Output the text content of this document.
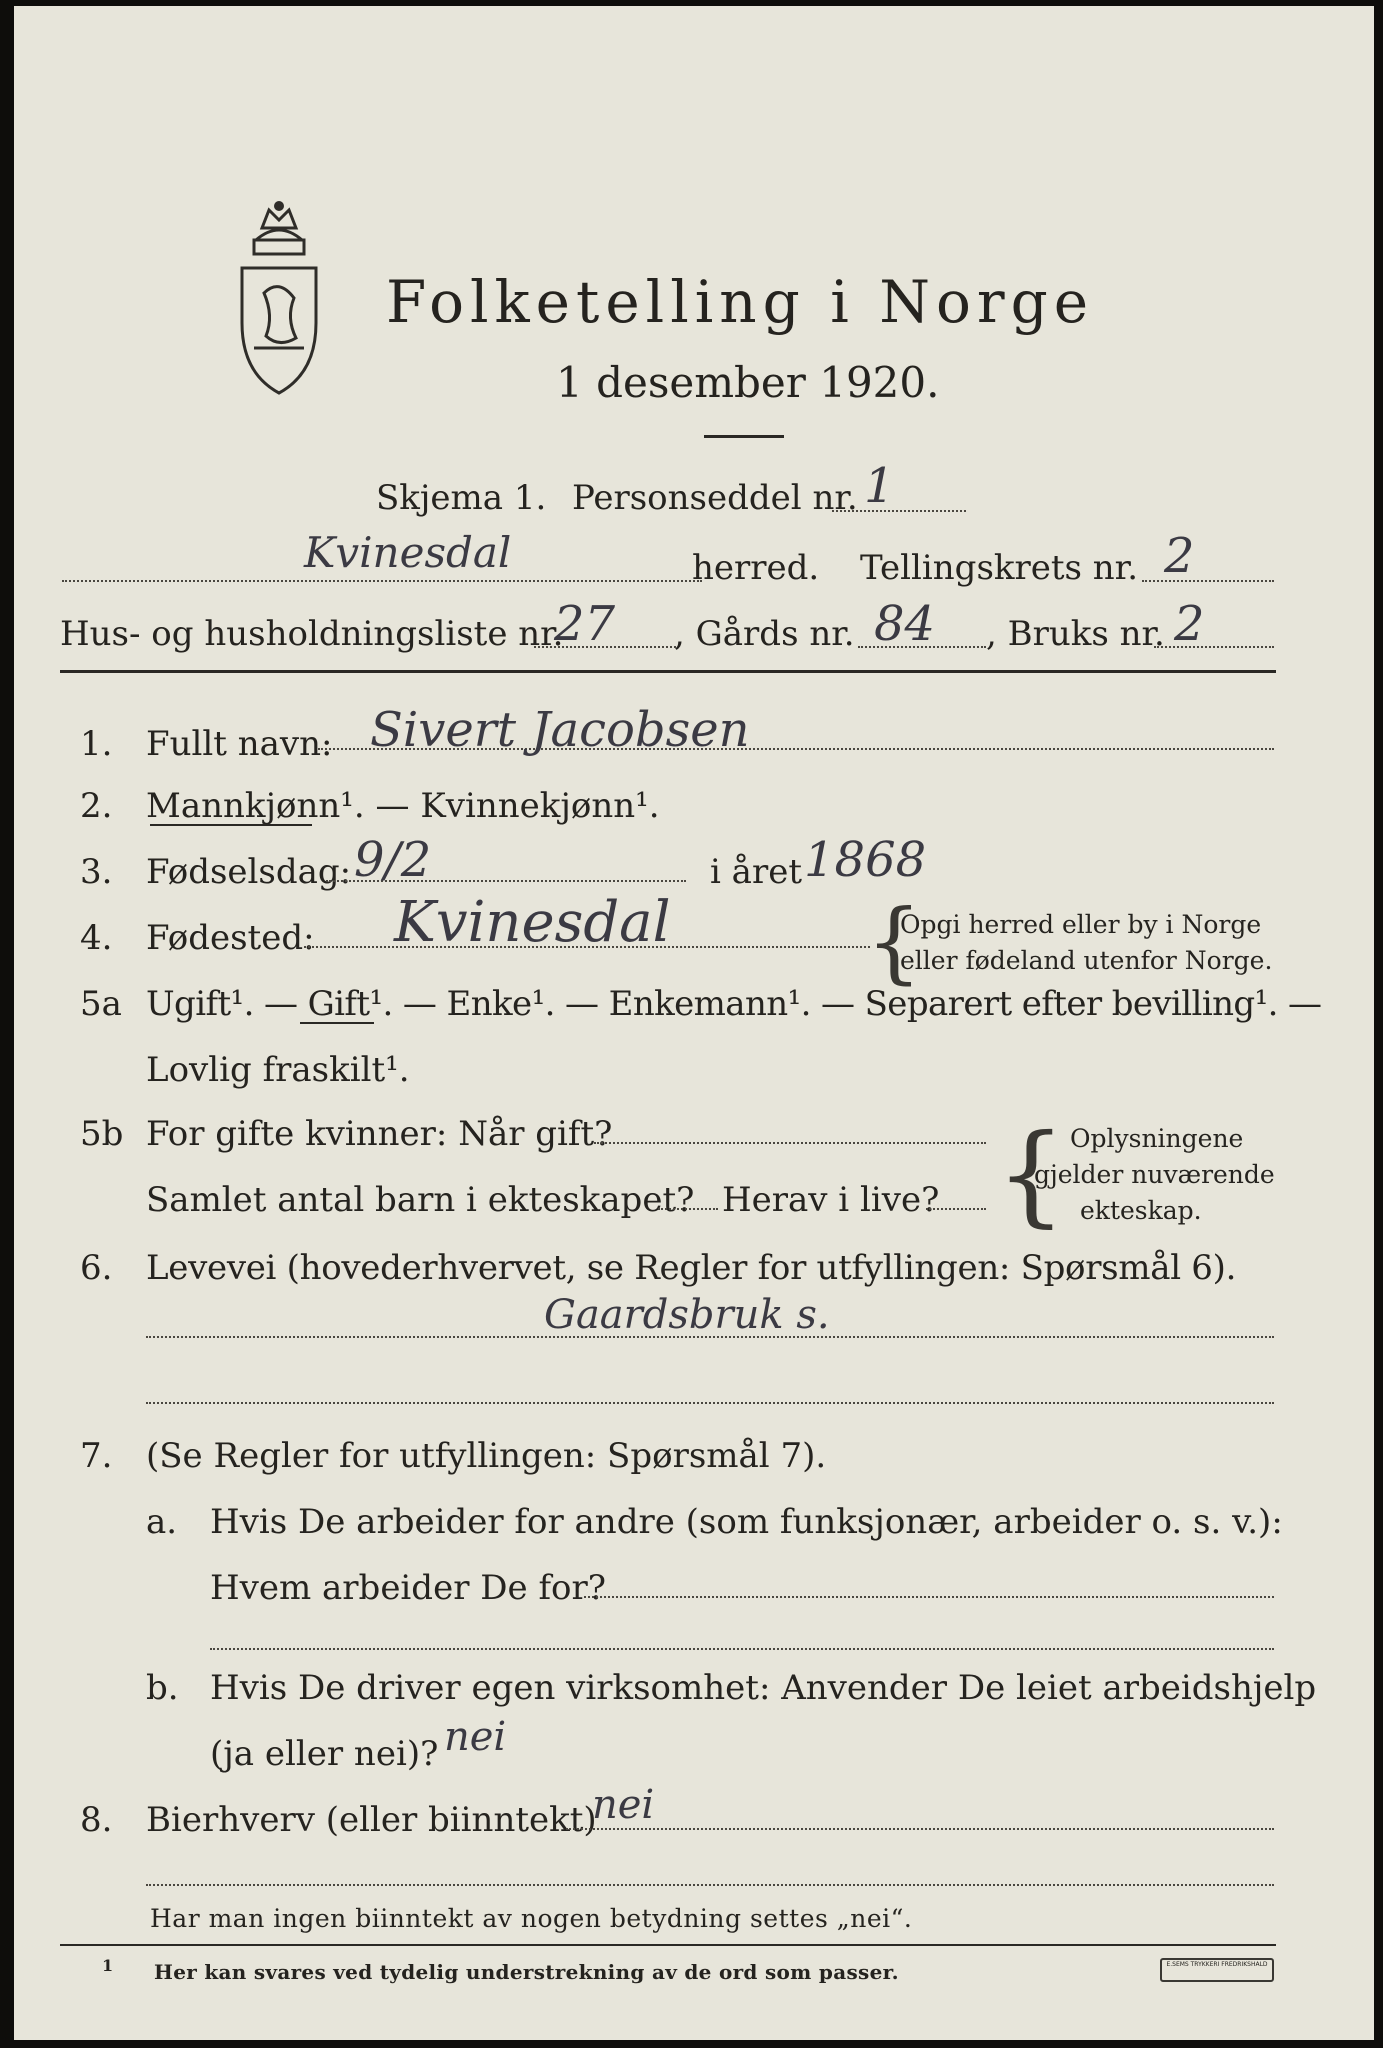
Folketelling i Norge
1 desember 1920.
Skjema 1. Personseddel nr. 1
Kvinesdal	herred. Tellingskrets nr. 2
Hus- og husholdningsliste nr.
27 , Gårds nr. 84 , Bruks nr. 2
1. Fullt navn: Sivert Jacobsen
2. Mannkjønn¹. — Kvinnekjønn¹.
3. Fødselsdag: 9/2	i året 1868
4. Fødested: Kvinesdal {
Opgi herred eller by i Norge
eller fødeland utenfor Norge.
5a Ugift¹. — Gift¹. — Enke¹. — Enkemann¹. — Separert efter bevilling¹. —
Lovlig fraskilt¹.
5b For gifte kvinner: Når gift?
Samlet antal barn i ekteskapet? Herav i live? { Oplysningene
gjelder nuværende
ekteskap.
6. Levevei (hovederhvervet, se Regler for utfyllingen: Spørsmål 6).
Gaardsbruk s.
7. (Se Regler for utfyllingen: Spørsmål 7).
a. Hvis De arbeider for andre (som funksjonær, arbeider o. s. v.):
Hvem arbeider De for?
b. Hvis De driver egen virksomhet: Anvender De leiet arbeidshjelp
(ja eller nei)? nei
8. Bierhverv (eller biinntekt)
nei
Har man ingen biinntekt av nogen betydning settes „nei“.
1 Her kan svares ved tydelig understrekning av de ord som passer.	E.SEMS TRYKKERI FREDRIKSHALD
